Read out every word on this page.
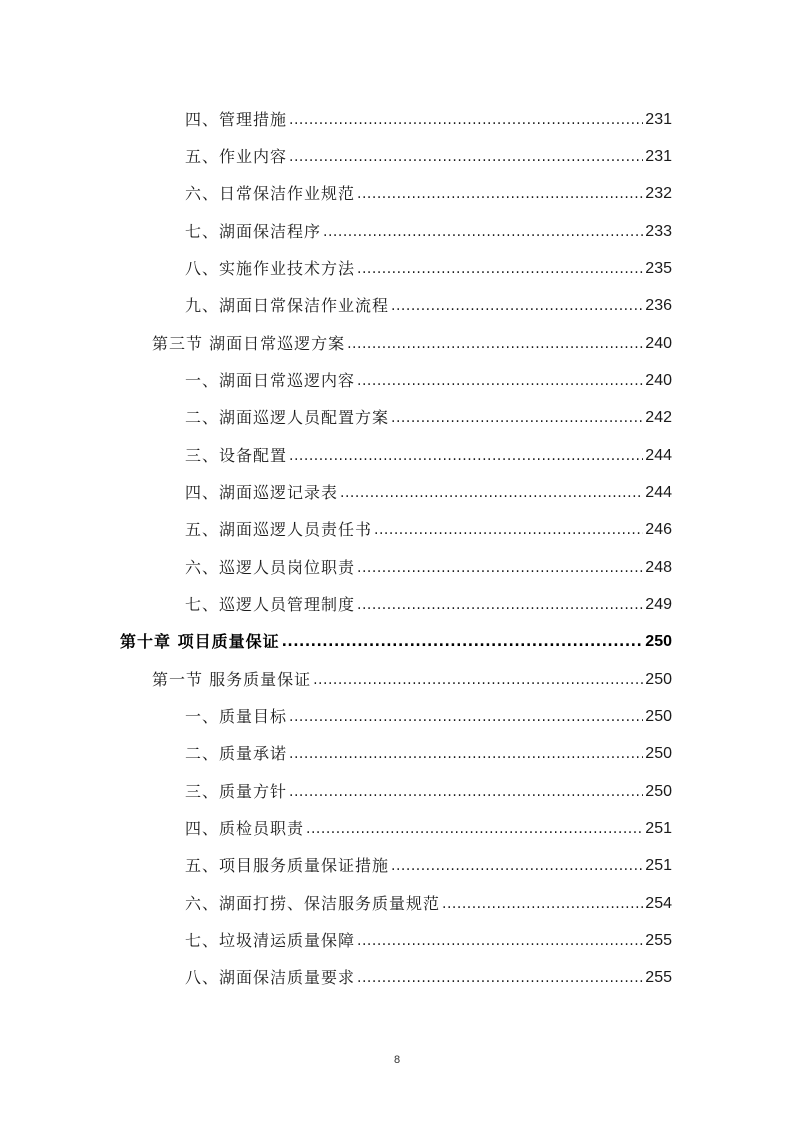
四、管理措施 .....	231
五、作业内容 .....	231
六、日常保洁作业规范 .....	232
七、湖面保洁程序 .....	233
八、实施作业技术方法 .....	235
九、湖面日常保洁作业流程 .....	236
第三节 湖面日常巡逻方案 .....	240
一、湖面日常巡逻内容 .....	240
二、湖面巡逻人员配置方案 .....	242
三、设备配置 .....	244
四、湖面巡逻记录表 .....	244
五、湖面巡逻人员责任书 .....	246
六、巡逻人员岗位职责 .....	248
七、巡逻人员管理制度 .....	249
第十章 项目质量保证 .....	250
第一节 服务质量保证 .....	250
一、质量目标 .....	250
二、质量承诺 .....	250
三、质量方针 .....	250
四、质检员职责 .....	251
五、项目服务质量保证措施 .....	251
六、湖面打捞、保洁服务质量规范 .....	254
七、垃圾清运质量保障 .....	255
八、湖面保洁质量要求 .....	255
8
